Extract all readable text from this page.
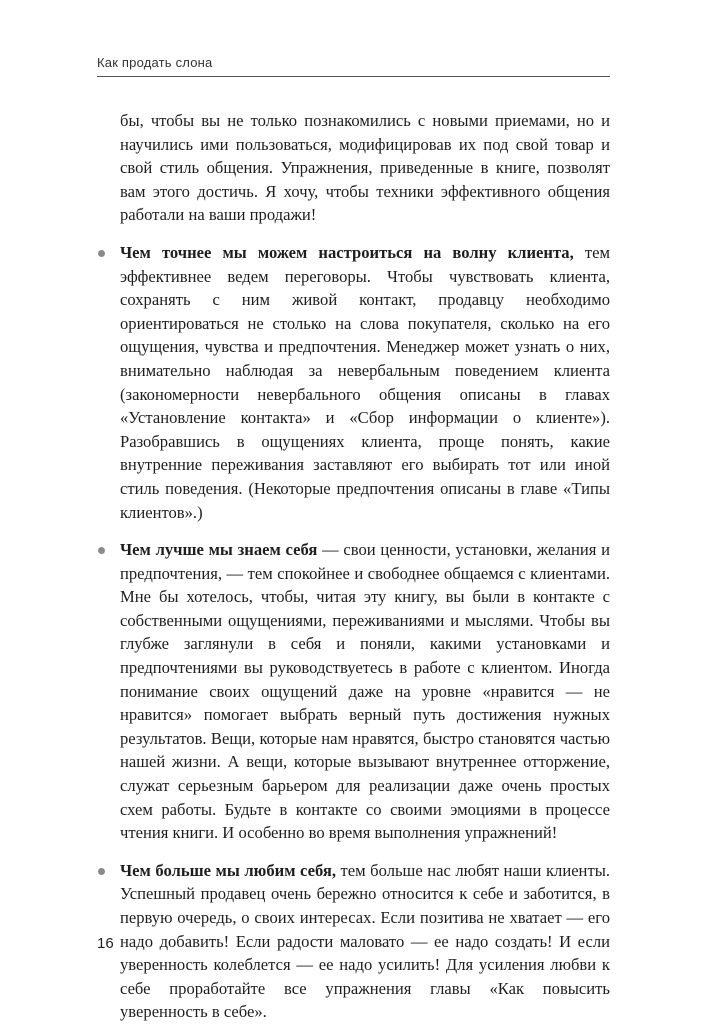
Как продать слона

бы, чтобы вы не только познакомились с новыми приемами, но и научились ими пользоваться, модифицировав их под свой товар и свой стиль общения. Упражнения, приведенные в книге, позволят вам этого достичь. Я хочу, чтобы техники эффективного общения работали на ваши продажи!

Чем точнее мы можем настроиться на волну клиента, тем эффективнее ведем переговоры. Чтобы чувствовать клиента, сохранять с ним живой контакт, продавцу необходимо ориентироваться не столько на слова покупателя, сколько на его ощущения, чувства и предпочтения. Менеджер может узнать о них, внимательно наблюдая за невербальным поведением клиента (закономерности невербального общения описаны в главах «Установление контакта» и «Сбор информации о клиенте»). Разобравшись в ощущениях клиента, проще понять, какие внутренние переживания заставляют его выбирать тот или иной стиль поведения. (Некоторые предпочтения описаны в главе «Типы клиентов».)
Чем лучше мы знаем себя — свои ценности, установки, желания и предпочтения, — тем спокойнее и свободнее общаемся с клиентами. Мне бы хотелось, чтобы, читая эту книгу, вы были в контакте с собственными ощущениями, переживаниями и мыслями. Чтобы вы глубже заглянули в себя и поняли, какими установками и предпочтениями вы руководствуетесь в работе с клиентом. Иногда понимание своих ощущений даже на уровне «нравится — не нравится» помогает выбрать верный путь достижения нужных результатов. Вещи, которые нам нравятся, быстро становятся частью нашей жизни. А вещи, которые вызывают внутреннее отторжение, служат серьезным барьером для реализации даже очень простых схем работы. Будьте в контакте со своими эмоциями в процессе чтения книги. И особенно во время выполнения упражнений!
Чем больше мы любим себя, тем больше нас любят наши клиенты. Успешный продавец очень бережно относится к себе и заботится, в первую очередь, о своих интересах. Если позитива не хватает — его надо добавить! Если радости маловато — ее надо создать! И если уверенность колеблется — ее надо усилить! Для усиления любви к себе проработайте все упражнения главы «Как повысить уверенность в себе».
16
